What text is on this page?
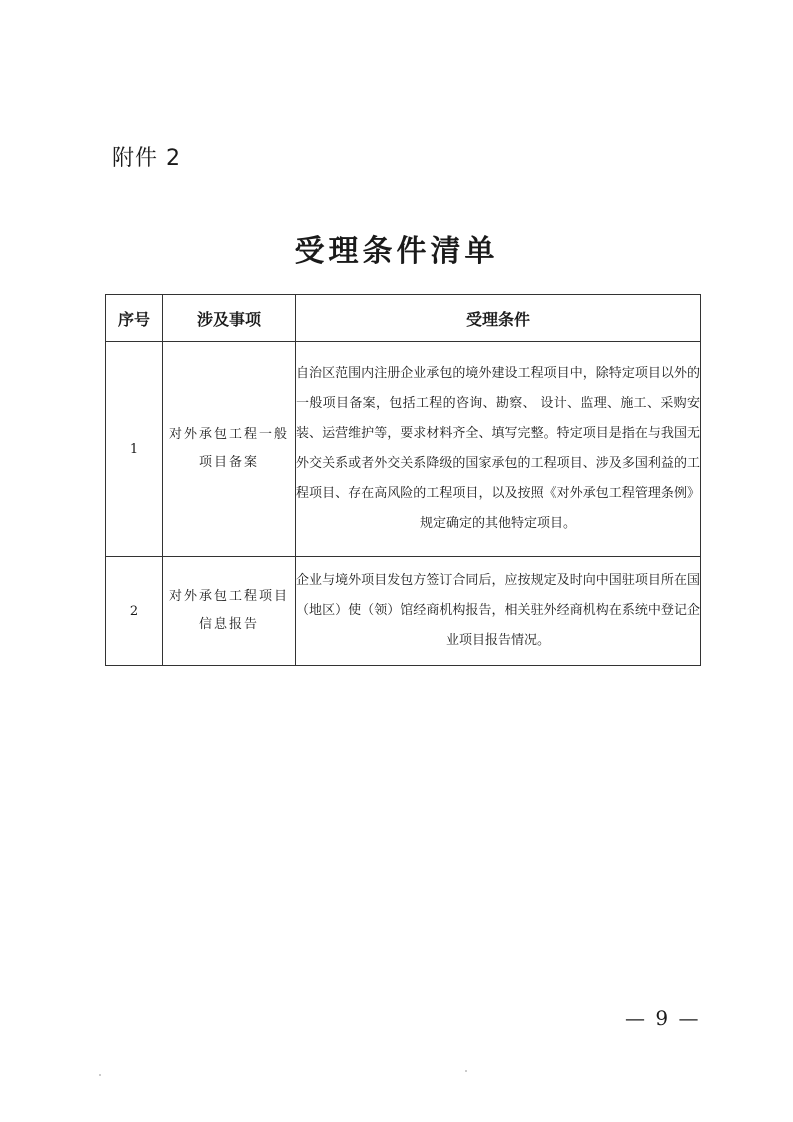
附件 2
受理条件清单
序号	涉及事项	受理条件
1	对外承包工程一般项目备案	自治区范围内注册企业承包的境外建设工程项目中，除特定项目以外的一般项目备案，包括工程的咨询、勘察、 设计、监理、施工、采购安装、运营维护等，要求材料齐全、填写完整。特定项目是指在与我国无外交关系或者外交关系降级的国家承包的工程项目、涉及多国利益的工程项目、存在高风险的工程项目，以及按照《对外承包工程管理条例》规定确定的其他特定项目。
2	对外承包工程项目信息报告	企业与境外项目发包方签订合同后，应按规定及时向中国驻项目所在国（地区）使（领）馆经商机构报告，相关驻外经商机构在系统中登记企业项目报告情况。
— 9 —
